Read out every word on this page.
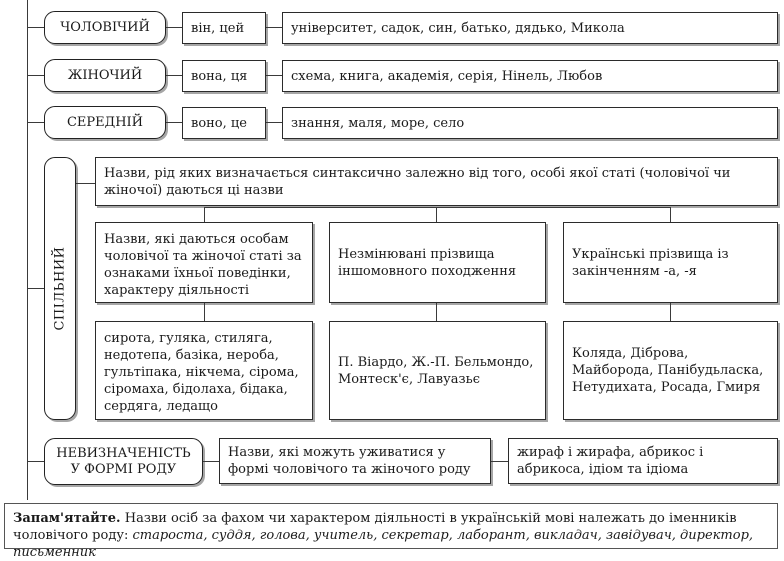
ЧОЛОВІЧИЙ	він, цей	університет, садок, син, батько, дядько, Микола
ЖІНОЧИЙ	вона, ця	схема, книга, академія, серія, Нінель, Любов
СЕРЕДНІЙ	воно, це	знання, маля, море, село
СПІЛЬНИЙ
Назви, рід яких визначається синтаксично залежно від того, особі якої статі (чоловічої чи жіночої) даються ці назви
Назви, які даються особам чоловічої та жіночої статі за ознаками їхньої поведінки, характеру діяльності
Незмінювані прізвища іншомовного походження
Українські прізвища із закінченням -а, -я
сирота, гуляка, стиляга, недотепа, базіка, нероба, гультіпака, нікчема, сірома, сіромаха, бідолаха, бідака, сердяга, ледащо
П. Віардо, Ж.-П. Бельмондо, Монтеск'є, Лавуазьє
Коляда, Діброва, Майборода, Панібудьласка, Нетудихата, Росада, Гмиря
НЕВИЗНАЧЕНІСТЬ У ФОРМІ РОДУ
Назви, які можуть уживатися у формі чоловічого та жіночого роду
жираф і жирафа, абрикос і абрикоса, ідіом та ідіома
Запам'ятайте. Назви осіб за фахом чи характером діяльності в українській мові належать до іменників чоловічого роду: староста, суддя, голова, учитель, секретар, лаборант, викладач, завідувач, директор, письменник
